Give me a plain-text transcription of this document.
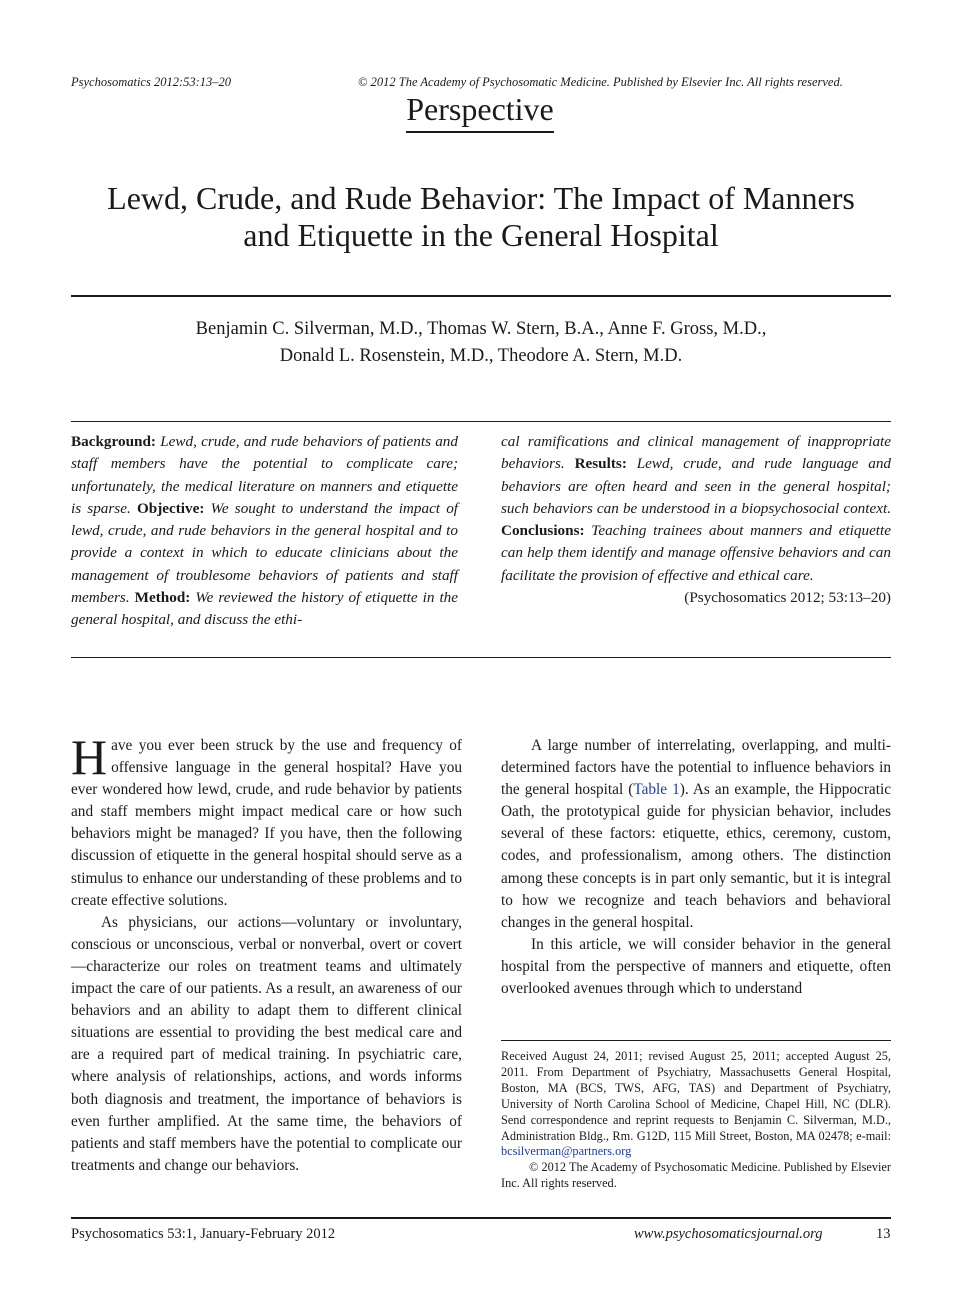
Psychosomatics 2012:53:13–20	© 2012 The Academy of Psychosomatic Medicine. Published by Elsevier Inc. All rights reserved.
Perspective
Lewd, Crude, and Rude Behavior: The Impact of Manners
and Etiquette in the General Hospital
Benjamin C. Silverman, M.D., Thomas W. Stern, B.A., Anne F. Gross, M.D.,
Donald L. Rosenstein, M.D., Theodore A. Stern, M.D.
Background: Lewd, crude, and rude behaviors of patients and staff members have the potential to complicate care; unfortunately, the medical literature on manners and etiquette is sparse. Objective: We sought to understand the impact of lewd, crude, and rude behaviors in the general hospital and to provide a context in which to educate clinicians about the management of troublesome behaviors of patients and staff members. Method: We reviewed the history of etiquette in the general hospital, and discuss the ethi-
cal ramifications and clinical management of inappropriate behaviors. Results: Lewd, crude, and rude language and behaviors are often heard and seen in the general hospital; such behaviors can be understood in a biopsychosocial context. Conclusions: Teaching trainees about manners and etiquette can help them identify and manage offensive behaviors and can facilitate the provision of effective and ethical care.
(Psychosomatics 2012; 53:13–20)

Have you ever been struck by the use and frequency of offensive language in the general hospital? Have you ever wondered how lewd, crude, and rude behavior by patients and staff members might impact medical care or how such behaviors might be managed? If you have, then the following discussion of etiquette in the general hospital should serve as a stimulus to enhance our understanding of these problems and to create effective solutions.

As physicians, our actions—voluntary or involuntary, conscious or unconscious, verbal or nonverbal, overt or covert—characterize our roles on treatment teams and ultimately impact the care of our patients. As a result, an awareness of our behaviors and an ability to adapt them to different clinical situations are essential to providing the best medical care and are a required part of medical training. In psychiatric care, where analysis of relationships, actions, and words informs both diagnosis and treatment, the importance of behaviors is even further amplified. At the same time, the behaviors of patients and staff members have the potential to complicate our treatments and change our behaviors.

A large number of interrelating, overlapping, and multi-determined factors have the potential to influence behaviors in the general hospital (Table 1). As an example, the Hippocratic Oath, the prototypical guide for physician behavior, includes several of these factors: etiquette, ethics, ceremony, custom, codes, and professionalism, among others. The distinction among these concepts is in part only semantic, but it is integral to how we recognize and teach behaviors and behavioral changes in the general hospital.

In this article, we will consider behavior in the general hospital from the perspective of manners and etiquette, often overlooked avenues through which to understand

Received August 24, 2011; revised August 25, 2011; accepted August 25, 2011. From Department of Psychiatry, Massachusetts General Hospital, Boston, MA (BCS, TWS, AFG, TAS) and Department of Psychiatry, University of North Carolina School of Medicine, Chapel Hill, NC (DLR). Send correspondence and reprint requests to Benjamin C. Silverman, M.D., Administration Bldg., Rm. G12D, 115 Mill Street, Boston, MA 02478; e-mail: bcsilverman@partners.org

© 2012 The Academy of Psychosomatic Medicine. Published by Elsevier Inc. All rights reserved.

Psychosomatics 53:1, January-February 2012	www.psychosomaticsjournal.org	13
